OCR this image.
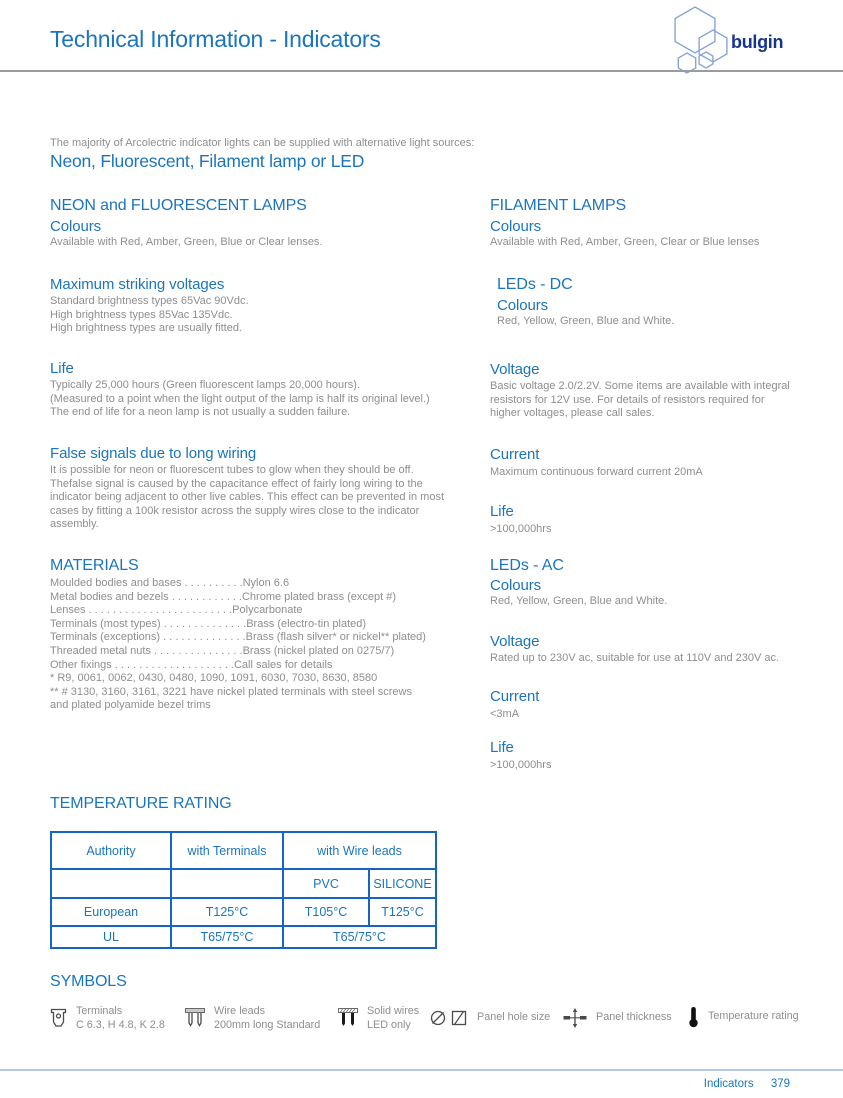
Technical Information - Indicators	bulgin
The majority of Arcolectric indicator lights can be supplied with alternative light sources:
Neon, Fluorescent, Filament lamp or LED
NEON and FLUORESCENT LAMPS
Colours
Available with Red, Amber, Green, Blue or Clear lenses.
Maximum striking voltages
Standard brightness types 65Vac 90Vdc.
High brightness types 85Vac 135Vdc.
High brightness types are usually fitted.
Life
Typically 25,000 hours (Green fluorescent lamps 20,000 hours).
(Measured to a point when the light output of the lamp is half its original level.)
The end of life for a neon lamp is not usually a sudden failure.
False signals due to long wiring
It is possible for neon or fluorescent tubes to glow when they should be off. Thefalse signal is caused by the capacitance effect of fairly long wiring to the indicator being adjacent to other live cables. This effect can be prevented in most cases by fitting a 100k resistor across the supply wires close to the indicator assembly.
MATERIALS
Moulded bodies and bases . . . . . . . . . .Nylon 6.6
Metal bodies and bezels . . . . . . . . . . . .Chrome plated brass (except #)
Lenses . . . . . . . . . . . . . . . . . . . . . . . .Polycarbonate
Terminals (most types) . . . . . . . . . . . . . .Brass (electro-tin plated)
Terminals (exceptions) . . . . . . . . . . . . . .Brass (flash silver* or nickel** plated)
Threaded metal nuts . . . . . . . . . . . . . . .Brass (nickel plated on 0275/7)
Other fixings . . . . . . . . . . . . . . . . . . . .Call sales for details
* R9, 0061, 0062, 0430, 0480, 1090, 1091, 6030, 7030, 8630, 8580
** # 3130, 3160, 3161, 3221 have nickel plated terminals with steel screws
and plated polyamide bezel trims
FILAMENT LAMPS
Colours
Available with Red, Amber, Green, Clear or Blue lenses
LEDs - DC
Colours
Red, Yellow, Green, Blue and White.
Voltage
Basic voltage 2.0/2.2V. Some items are available with integral resistors for 12V use. For details of resistors required for higher voltages, please call sales.
Current
Maximum continuous forward current 20mA
Life
>100,000hrs
LEDs - AC
Colours
Red, Yellow, Green, Blue and White.
Voltage
Rated up to 230V ac, suitable for use at 110V and 230V ac.
Current
<3mA
Life
>100,000hrs
TEMPERATURE RATING
Authority	with Terminals	with Wire leads	
		PVC	SILICONE
European	T125°C	T105°C	T125°C
UL	T65/75°C	T65/75°C	
SYMBOLS
Terminals
C 6.3, H 4.8, K 2.8
Wire leads
200mm long Standard
Solid wires
LED only
Panel hole size	Panel thickness	Temperature rating
Indicators 379
